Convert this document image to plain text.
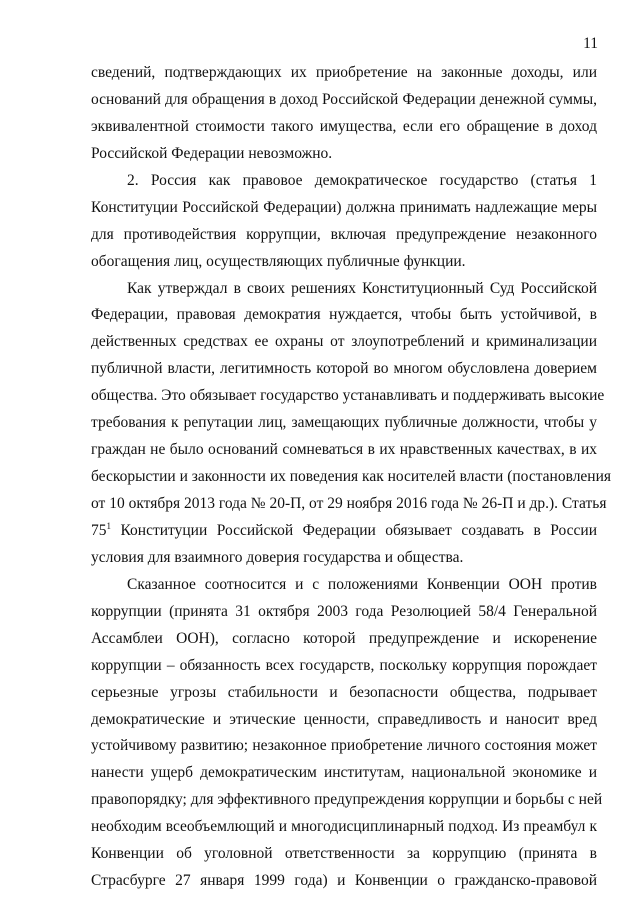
11
сведений, подтверждающих их приобретение на законные доходы, или
оснований для обращения в доход Российской Федерации денежной суммы,
эквивалентной стоимости такого имущества, если его обращение в доход
Российской Федерации невозможно.
2. Россия как правовое демократическое государство (статья 1
Конституции Российской Федерации) должна принимать надлежащие меры
для противодействия коррупции, включая предупреждение незаконного
обогащения лиц, осуществляющих публичные функции.
Как утверждал в своих решениях Конституционный Суд Российской
Федерации, правовая демократия нуждается, чтобы быть устойчивой, в
действенных средствах ее охраны от злоупотреблений и криминализации
публичной власти, легитимность которой во многом обусловлена доверием
общества. Это обязывает государство устанавливать и поддерживать высокие
требования к репутации лиц, замещающих публичные должности, чтобы у
граждан не было оснований сомневаться в их нравственных качествах, в их
бескорыстии и законности их поведения как носителей власти (постановления
от 10 октября 2013 года № 20-П, от 29 ноября 2016 года № 26-П и др.). Статья
$75^1$ Конституции Российской Федерации обязывает создавать в России
условия для взаимного доверия государства и общества.
Сказанное соотносится и с положениями Конвенции ООН против
коррупции (принята 31 октября 2003 года Резолюцией 58/4 Генеральной
Ассамблеи ООН), согласно которой предупреждение и искоренение
коррупции – обязанность всех государств, поскольку коррупция порождает
серьезные угрозы стабильности и безопасности общества, подрывает
демократические и этические ценности, справедливость и наносит вред
устойчивому развитию; незаконное приобретение личного состояния может
нанести ущерб демократическим институтам, национальной экономике и
правопорядку; для эффективного предупреждения коррупции и борьбы с ней
необходим всеобъемлющий и многодисциплинарный подход. Из преамбул к
Конвенции об уголовной ответственности за коррупцию (принята в
Страсбурге 27 января 1999 года) и Конвенции о гражданско-правовой
